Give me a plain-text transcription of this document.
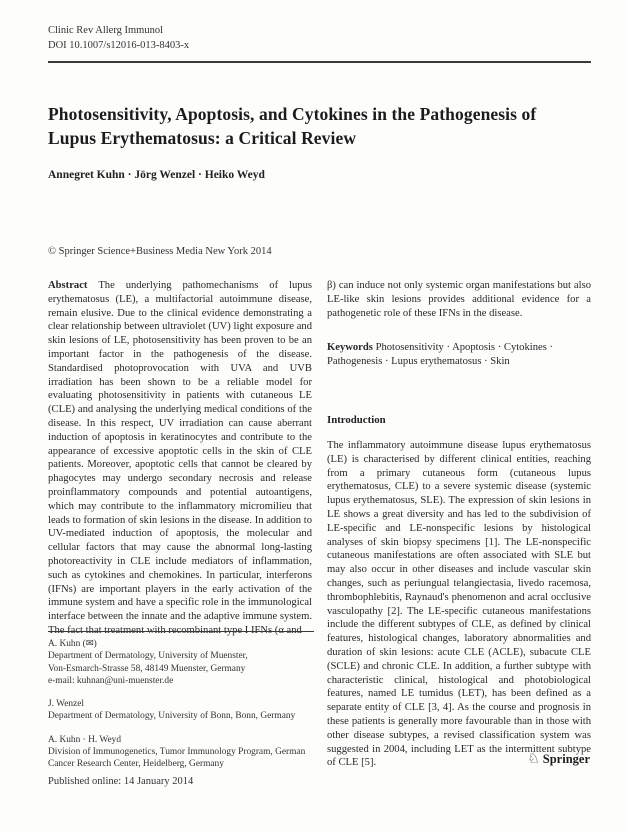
Clinic Rev Allerg Immunol
DOI 10.1007/s12016-013-8403-x
Photosensitivity, Apoptosis, and Cytokines in the Pathogenesis of Lupus Erythematosus: a Critical Review
Annegret Kuhn · Jörg Wenzel · Heiko Weyd
© Springer Science+Business Media New York 2014

Abstract The underlying pathomechanisms of lupus erythematosus (LE), a multifactorial autoimmune disease, remain elusive. Due to the clinical evidence demonstrating a clear relationship between ultraviolet (UV) light exposure and skin lesions of LE, photosensitivity has been proven to be an important factor in the pathogenesis of the disease. Standardised photoprovocation with UVA and UVB irradiation has been shown to be a reliable model for evaluating photosensitivity in patients with cutaneous LE (CLE) and analysing the underlying medical conditions of the disease. In this respect, UV irradiation can cause aberrant induction of apoptosis in keratinocytes and contribute to the appearance of excessive apoptotic cells in the skin of CLE patients. Moreover, apoptotic cells that cannot be cleared by phagocytes may undergo secondary necrosis and release proinflammatory compounds and potential autoantigens, which may contribute to the inflammatory micromilieu that leads to formation of skin lesions in the disease. In addition to UV-mediated induction of apoptosis, the molecular and cellular factors that may cause the abnormal long-lasting photoreactivity in CLE include mediators of inflammation, such as cytokines and chemokines. In particular, interferons (IFNs) are important players in the early activation of the immune system and have a specific role in the immunological interface between the innate and the adaptive immune system. The fact that treatment with recombinant type I IFNs (α and

β) can induce not only systemic organ manifestations but also LE-like skin lesions provides additional evidence for a pathogenetic role of these IFNs in the disease.

Keywords Photosensitivity · Apoptosis · Cytokines · Pathogenesis · Lupus erythematosus · Skin

Introduction

The inflammatory autoimmune disease lupus erythematosus (LE) is characterised by different clinical entities, reaching from a primary cutaneous form (cutaneous lupus erythematosus, CLE) to a severe systemic disease (systemic lupus erythematosus, SLE). The expression of skin lesions in LE shows a great diversity and has led to the subdivision of LE-specific and LE-nonspecific lesions by histological analyses of skin biopsy specimens [1]. The LE-nonspecific cutaneous manifestations are often associated with SLE but may also occur in other diseases and include vascular skin changes, such as periungual telangiectasia, livedo racemosa, thrombophlebitis, Raynaud's phenomenon and acral occlusive vasculopathy [2]. The LE-specific cutaneous manifestations include the different subtypes of CLE, as defined by clinical features, histological changes, laboratory abnormalities and duration of skin lesions: acute CLE (ACLE), subacute CLE (SCLE) and chronic CLE. In addition, a further subtype with characteristic clinical, histological and photobiological features, named LE tumidus (LET), has been defined as a separate entity of CLE [3, 4]. As the course and prognosis in these patients is generally more favourable than in those with other disease subtypes, a revised classification system was suggested in 2004, including LET as the intermittent subtype of CLE [5].

A. Kuhn (✉)
Department of Dermatology, University of Muenster,
Von-Esmarch-Strasse 58, 48149 Muenster, Germany
e-mail: kuhnan@uni-muenster.de
J. Wenzel
Department of Dermatology, University of Bonn, Bonn, Germany
A. Kuhn · H. Weyd
Division of Immunogenetics, Tumor Immunology Program, German
Cancer Research Center, Heidelberg, Germany
Published online: 14 January 2014
♘ Springer
